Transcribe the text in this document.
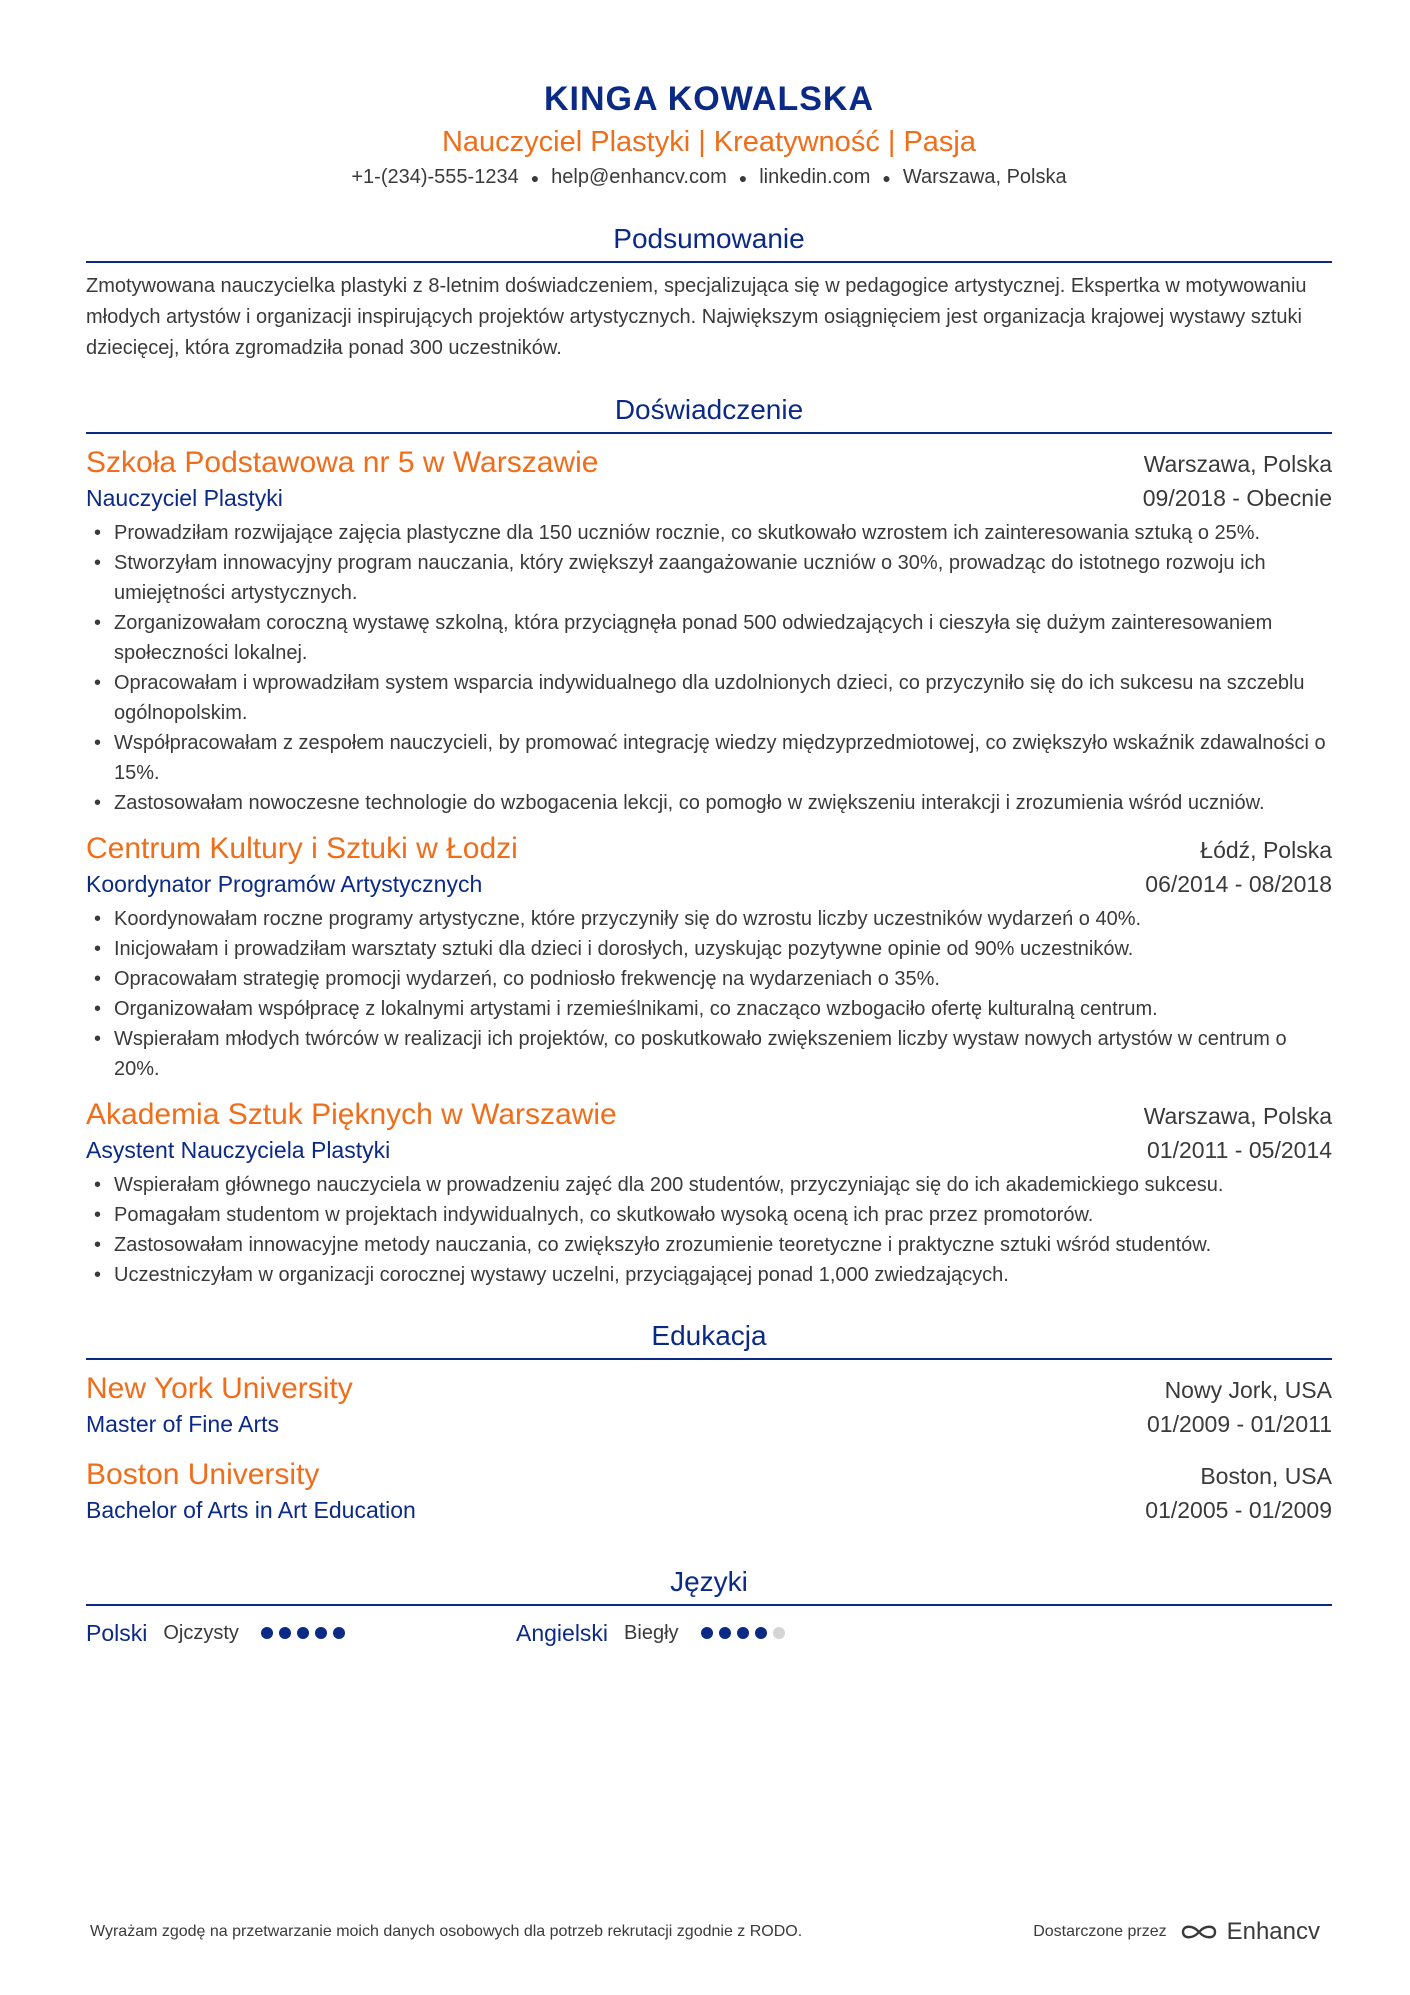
KINGA KOWALSKA
Nauczyciel Plastyki | Kreatywność | Pasja
+1-(234)-555-1234 ● help@enhancv.com ● linkedin.com ● Warszawa, Polska
Podsumowanie
Zmotywowana nauczycielka plastyki z 8-letnim doświadczeniem, specjalizująca się w pedagogice artystycznej. Ekspertka w motywowaniu młodych artystów i organizacji inspirujących projektów artystycznych. Największym osiągnięciem jest organizacja krajowej wystawy sztuki dziecięcej, która zgromadziła ponad 300 uczestników.
Doświadczenie
Szkoła Podstawowa nr 5 w Warszawie	Warszawa, Polska
Nauczyciel Plastyki	09/2018 - Obecnie
• Prowadziłam rozwijające zajęcia plastyczne dla 150 uczniów rocznie, co skutkowało wzrostem ich zainteresowania sztuką o 25%.
• Stworzyłam innowacyjny program nauczania, który zwiększył zaangażowanie uczniów o 30%, prowadząc do istotnego rozwoju ich umiejętności artystycznych.
• Zorganizowałam coroczną wystawę szkolną, która przyciągnęła ponad 500 odwiedzających i cieszyła się dużym zainteresowaniem społeczności lokalnej.
• Opracowałam i wprowadziłam system wsparcia indywidualnego dla uzdolnionych dzieci, co przyczyniło się do ich sukcesu na szczeblu ogólnopolskim.
• Współpracowałam z zespołem nauczycieli, by promować integrację wiedzy międzyprzedmiotowej, co zwiększyło wskaźnik zdawalności o 15%.
• Zastosowałam nowoczesne technologie do wzbogacenia lekcji, co pomogło w zwiększeniu interakcji i zrozumienia wśród uczniów.
Centrum Kultury i Sztuki w Łodzi	Łódź, Polska
Koordynator Programów Artystycznych	06/2014 - 08/2018
• Koordynowałam roczne programy artystyczne, które przyczyniły się do wzrostu liczby uczestników wydarzeń o 40%.
• Inicjowałam i prowadziłam warsztaty sztuki dla dzieci i dorosłych, uzyskując pozytywne opinie od 90% uczestników.
• Opracowałam strategię promocji wydarzeń, co podniosło frekwencję na wydarzeniach o 35%.
• Organizowałam współpracę z lokalnymi artystami i rzemieślnikami, co znacząco wzbogaciło ofertę kulturalną centrum.
• Wspierałam młodych twórców w realizacji ich projektów, co poskutkowało zwiększeniem liczby wystaw nowych artystów w centrum o 20%.
Akademia Sztuk Pięknych w Warszawie	Warszawa, Polska
Asystent Nauczyciela Plastyki	01/2011 - 05/2014
• Wspierałam głównego nauczyciela w prowadzeniu zajęć dla 200 studentów, przyczyniając się do ich akademickiego sukcesu.
• Pomagałam studentom w projektach indywidualnych, co skutkowało wysoką oceną ich prac przez promotorów.
• Zastosowałam innowacyjne metody nauczania, co zwiększyło zrozumienie teoretyczne i praktyczne sztuki wśród studentów.
• Uczestniczyłam w organizacji corocznej wystawy uczelni, przyciągającej ponad 1,000 zwiedzających.
Edukacja
New York University	Nowy Jork, USA
Master of Fine Arts	01/2009 - 01/2011
Boston University	Boston, USA
Bachelor of Arts in Art Education	01/2005 - 01/2009
Języki
Polski Ojczysty	Angielski Biegły
Wyrażam zgodę na przetwarzanie moich danych osobowych dla potrzeb rekrutacji zgodnie z RODO.	Dostarczone przez	Enhancv
